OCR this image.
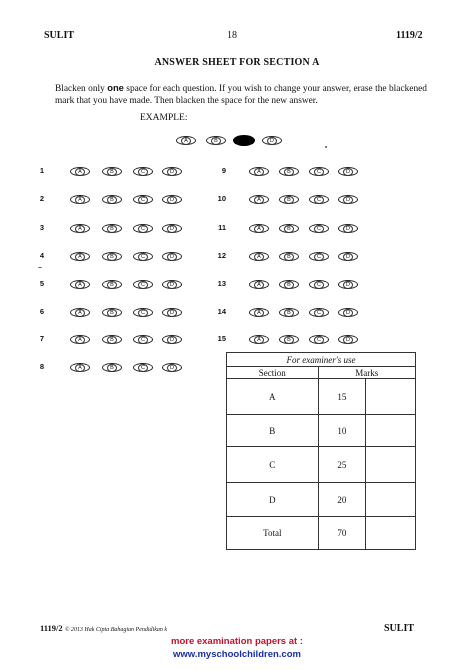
SULIT	18	1119/2
ANSWER SHEET FOR SECTION A
Blacken only one space for each question. If you wish to change your answer, erase the blackened mark that you have made. Then blacken the space for the new answer.
EXAMPLE:
A	B	D
1	A	B	C	D
2	A	B	C	D
3	A	B	C	D
4	A	B	C	D
5	A	B	C	D
6	A	B	C	D
7	A	B	C	D
8	A	B	C	D
9	A	B	C	D
10	A	B	C	D
11	A	B	C	D
12	A	B	C	D
13	A	B	C	D
14	A	B	C	D
15	A	B	C	D
For examiner's use		
Section	Marks	
A	15	
B	10	
C	25	
D	20	
Total	70	
1119/2 © 2013 Hak Cipta Bahagian Pendidikan k	SULIT
more examination papers at :
www.myschoolchildren.com
